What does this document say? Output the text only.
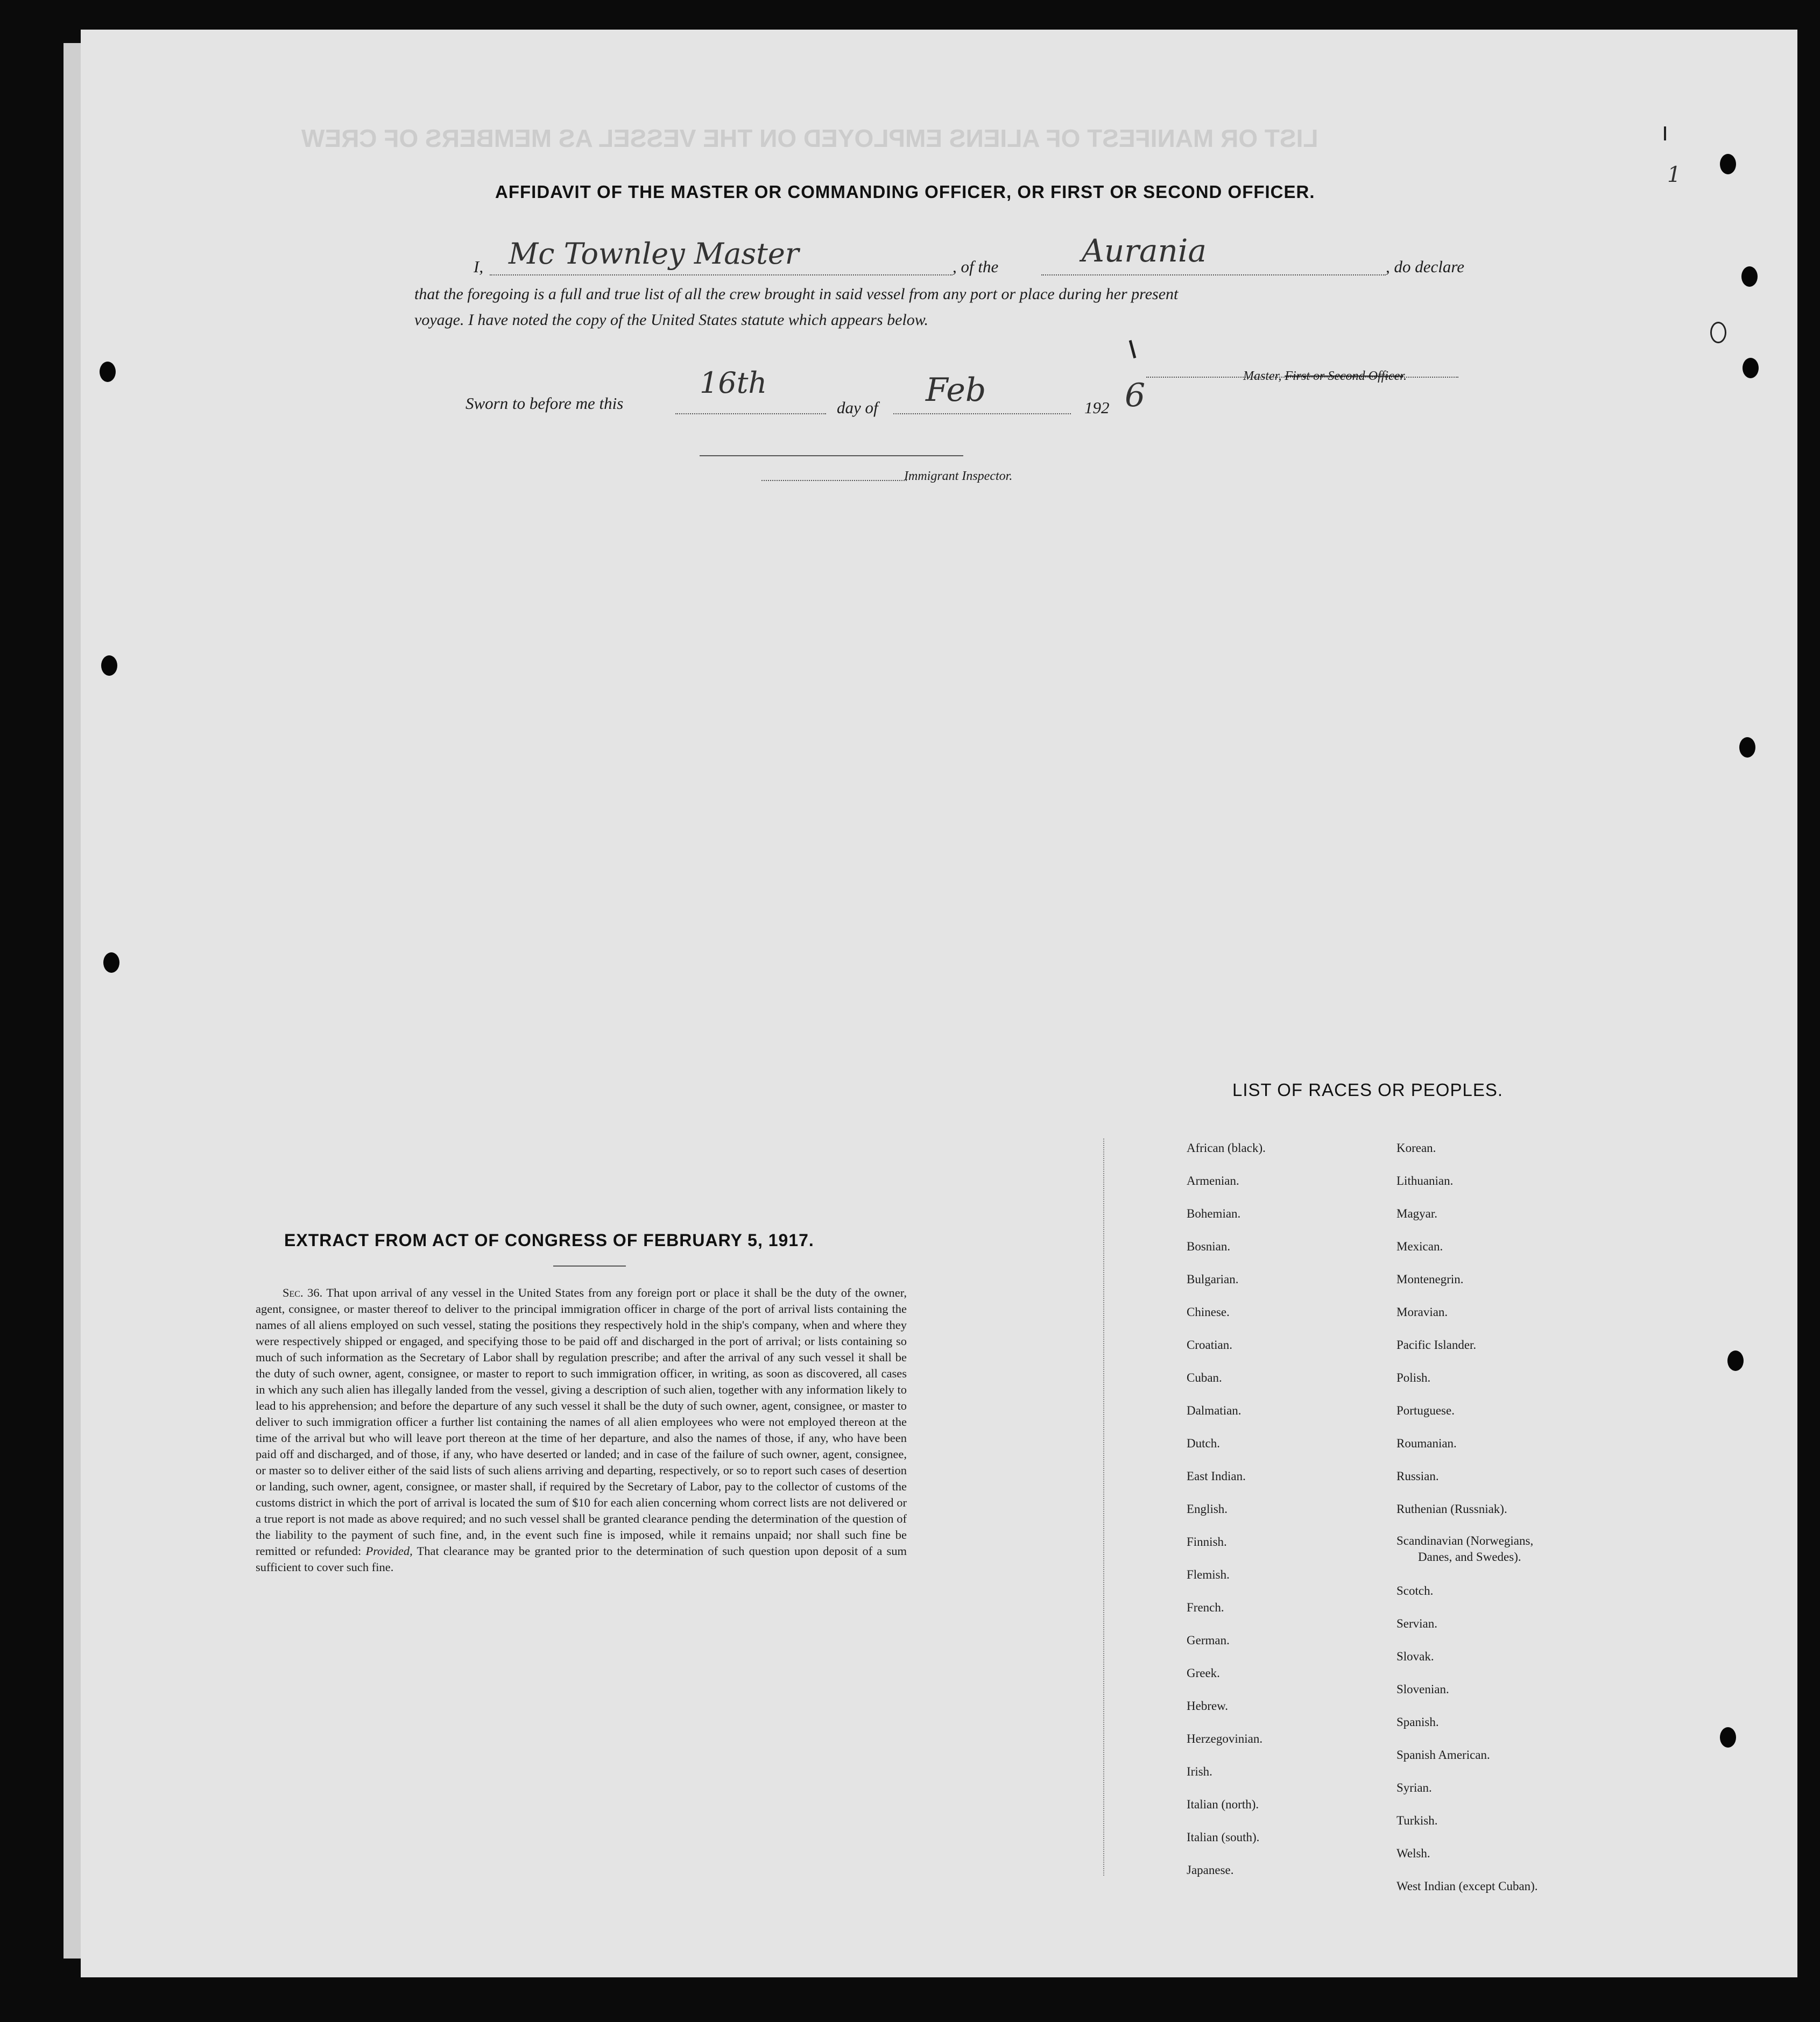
LIST OR MANIFEST OF ALIENS EMPLOYED ON THE VESSEL AS MEMBERS OF CREW
1
AFFIDAVIT OF THE MASTER OR COMMANDING OFFICER, OR FIRST OR SECOND OFFICER.
I, Mc Townley Master	, of the	Aurania	, do declare
that the foregoing is a full and true list of all the crew brought in said vessel from any port or place during her present
voyage. I have noted the copy of the United States statute which appears below.
Sworn to before me this
16th
day of Feb	192 6
Master, First or Second Officer.
Immigrant Inspector.
EXTRACT FROM ACT OF CONGRESS OF FEBRUARY 5, 1917.
Sec. 36. That upon arrival of any vessel in the United States from any foreign port or place it shall be the duty of the owner, agent, consignee, or master thereof to deliver to the principal immigration officer in charge of the port of arrival lists containing the names of all aliens employed on such vessel, stating the positions they respectively hold in the ship's company, when and where they were respectively shipped or engaged, and specifying those to be paid off and discharged in the port of arrival; or lists containing so much of such information as the Secretary of Labor shall by regulation prescribe; and after the arrival of any such vessel it shall be the duty of such owner, agent, consignee, or master to report to such immigration officer, in writing, as soon as discovered, all cases in which any such alien has illegally landed from the vessel, giving a description of such alien, together with any information likely to lead to his apprehension; and before the departure of any such vessel it shall be the duty of such owner, agent, consignee, or master to deliver to such immigration officer a further list containing the names of all alien employees who were not employed thereon at the time of the arrival but who will leave port thereon at the time of her departure, and also the names of those, if any, who have been paid off and discharged, and of those, if any, who have deserted or landed; and in case of the failure of such owner, agent, consignee, or master so to deliver either of the said lists of such aliens arriving and departing, respectively, or so to report such cases of desertion or landing, such owner, agent, consignee, or master shall, if required by the Secretary of Labor, pay to the collector of customs of the customs district in which the port of arrival is located the sum of $10 for each alien concerning whom correct lists are not delivered or a true report is not made as above required; and no such vessel shall be granted clearance pending the determination of the question of the liability to the payment of such fine, and, in the event such fine is imposed, while it remains unpaid; nor shall such fine be remitted or refunded: Provided, That clearance may be granted prior to the determination of such question upon deposit of a sum sufficient to cover such fine.
LIST OF RACES OR PEOPLES.
African (black).
Armenian.
Bohemian.
Bosnian.
Bulgarian.
Chinese.
Croatian.
Cuban.
Dalmatian.
Dutch.
East Indian.
English.
Finnish.
Flemish.
French.
German.
Greek.
Hebrew.
Herzegovinian.
Irish.
Italian (north).
Italian (south).
Japanese.
Korean.
Lithuanian.
Magyar.
Mexican.
Montenegrin.
Moravian.
Pacific Islander.
Polish.
Portuguese.
Roumanian.
Russian.
Ruthenian (Russniak).
Scandinavian (Norwegians,
Danes, and Swedes).
Scotch.
Servian.
Slovak.
Slovenian.
Spanish.
Spanish American.
Syrian.
Turkish.
Welsh.
West Indian (except Cuban).
